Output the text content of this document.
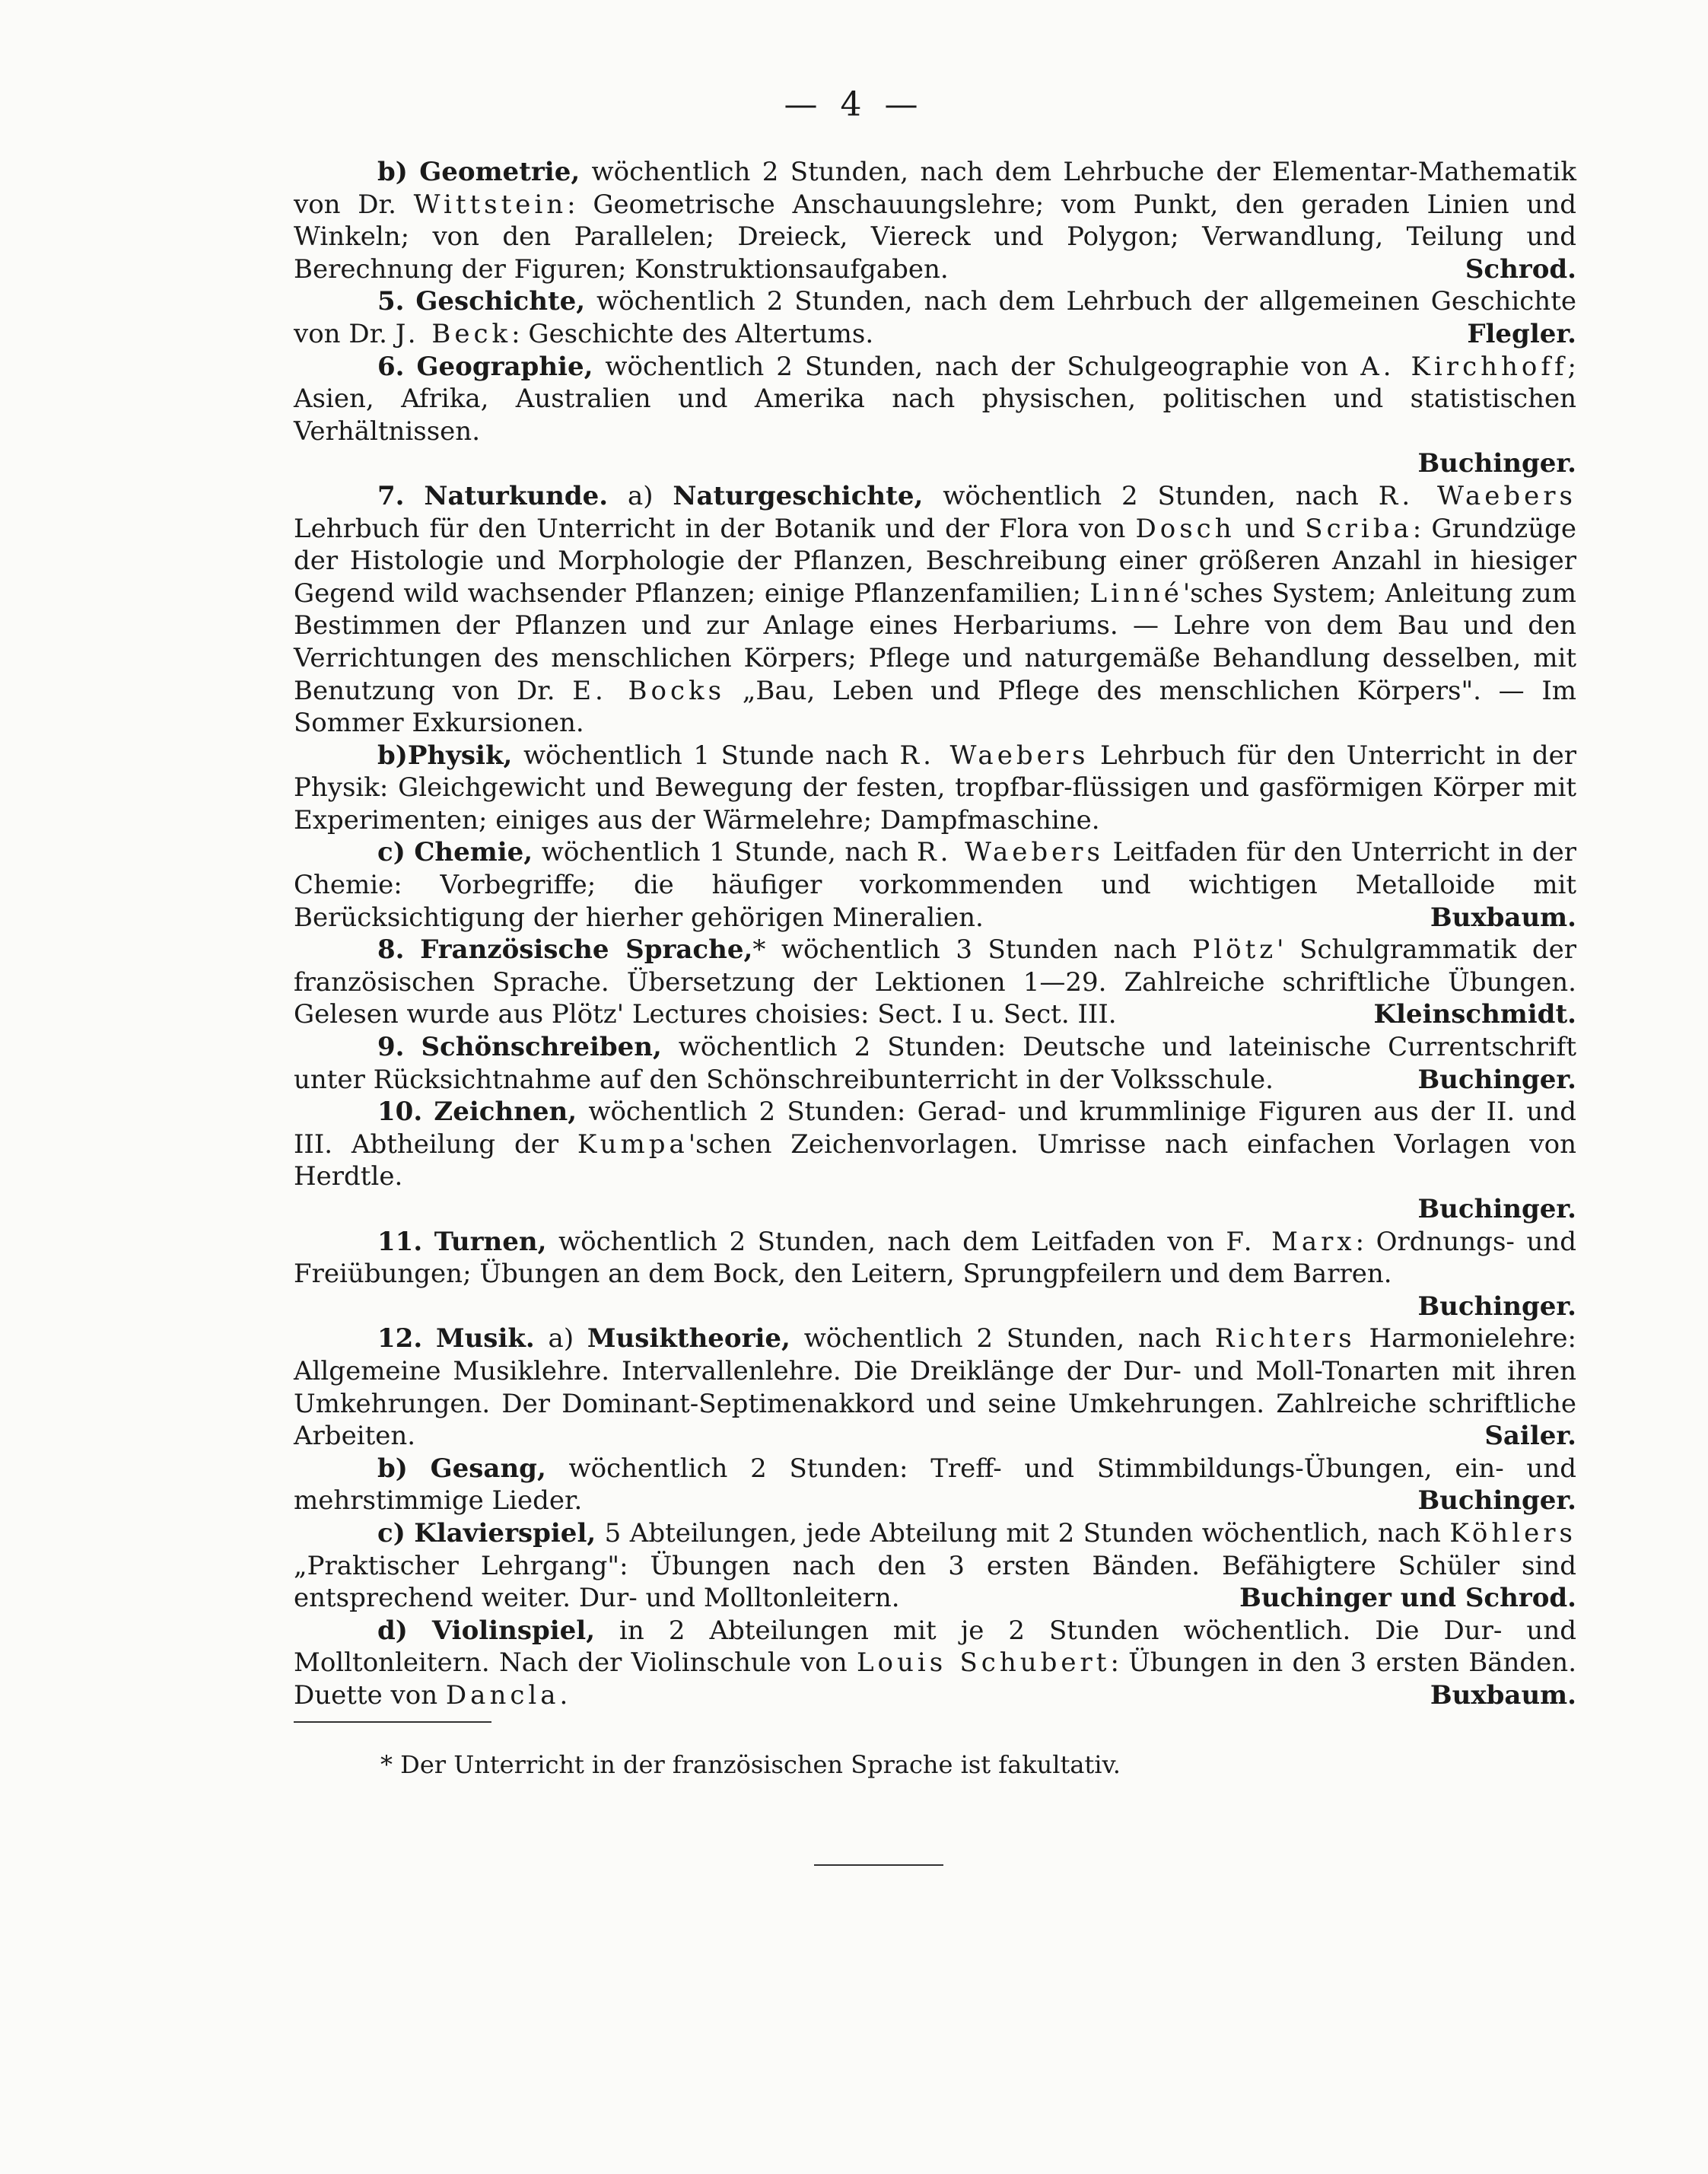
— 4 —

b) Geometrie, wöchentlich 2 Stunden, nach dem Lehrbuche der Elementar-Mathematik von Dr. Wittstein: Geometrische Anschauungslehre; vom Punkt, den geraden Linien und Winkeln; von den Parallelen; Dreieck, Viereck und Polygon; Verwandlung, Teilung und Berechnung der Figuren; Konstruktionsaufgaben.	Schrod.

5. Geschichte, wöchentlich 2 Stunden, nach dem Lehrbuch der allgemeinen Geschichte von Dr. J. Beck: Geschichte des Altertums.	Flegler.

6. Geographie, wöchentlich 2 Stunden, nach der Schulgeographie von A. Kirchhoff; Asien, Afrika, Australien und Amerika nach physischen, politischen und statistischen Verhältnissen.
Buchinger.

7. Naturkunde. a) Naturgeschichte, wöchentlich 2 Stunden, nach R. Waebers Lehrbuch für den Unterricht in der Botanik und der Flora von Dosch und Scriba: Grundzüge der Histologie und Morphologie der Pflanzen, Beschreibung einer größeren Anzahl in hiesiger Gegend wild wachsender Pflanzen; einige Pflanzenfamilien; Linné'sches System; Anleitung zum Bestimmen der Pflanzen und zur Anlage eines Herbariums. — Lehre von dem Bau und den Verrichtungen des menschlichen Körpers; Pflege und naturgemäße Behandlung desselben, mit Benutzung von Dr. E. Bocks „Bau, Leben und Pflege des menschlichen Körpers". — Im Sommer Exkursionen.

b)Physik, wöchentlich 1 Stunde nach R. Waebers Lehrbuch für den Unterricht in der Physik: Gleichgewicht und Bewegung der festen, tropfbar-flüssigen und gasförmigen Körper mit Experimenten; einiges aus der Wärmelehre; Dampfmaschine.

c) Chemie, wöchentlich 1 Stunde, nach R. Waebers Leitfaden für den Unterricht in der Chemie: Vorbegriffe; die häufiger vorkommenden und wichtigen Metalloide mit Berücksichtigung der hierher gehörigen Mineralien.	Buxbaum.

8. Französische Sprache,* wöchentlich 3 Stunden nach Plötz' Schulgrammatik der französischen Sprache. Übersetzung der Lektionen 1—29. Zahlreiche schriftliche Übungen. Gelesen wurde aus Plötz' Lectures choisies: Sect. I u. Sect. III.	Kleinschmidt.

9. Schönschreiben, wöchentlich 2 Stunden: Deutsche und lateinische Currentschrift unter Rücksichtnahme auf den Schönschreibunterricht in der Volksschule.	Buchinger.

10. Zeichnen, wöchentlich 2 Stunden: Gerad- und krummlinige Figuren aus der II. und III. Abtheilung der Kumpa'schen Zeichenvorlagen. Umrisse nach einfachen Vorlagen von Herdtle.
Buchinger.

11. Turnen, wöchentlich 2 Stunden, nach dem Leitfaden von F. Marx: Ordnungs- und Freiübungen; Übungen an dem Bock, den Leitern, Sprungpfeilern und dem Barren.
Buchinger.

12. Musik. a) Musiktheorie, wöchentlich 2 Stunden, nach Richters Harmonielehre: Allgemeine Musiklehre. Intervallenlehre. Die Dreiklänge der Dur- und Moll-Tonarten mit ihren Umkehrungen. Der Dominant-Septimenakkord und seine Umkehrungen. Zahlreiche schriftliche Arbeiten.	Sailer.

b) Gesang, wöchentlich 2 Stunden: Treff- und Stimmbildungs-Übungen, ein- und mehrstimmige Lieder.	Buchinger.

c) Klavierspiel, 5 Abteilungen, jede Abteilung mit 2 Stunden wöchentlich, nach Köhlers „Praktischer Lehrgang": Übungen nach den 3 ersten Bänden. Befähigtere Schüler sind entsprechend weiter. Dur- und Molltonleitern.	Buchinger und Schrod.

d) Violinspiel, in 2 Abteilungen mit je 2 Stunden wöchentlich. Die Dur- und Molltonleitern. Nach der Violinschule von Louis Schubert: Übungen in den 3 ersten Bänden. Duette von Dancla.	Buxbaum.

* Der Unterricht in der französischen Sprache ist fakultativ.
